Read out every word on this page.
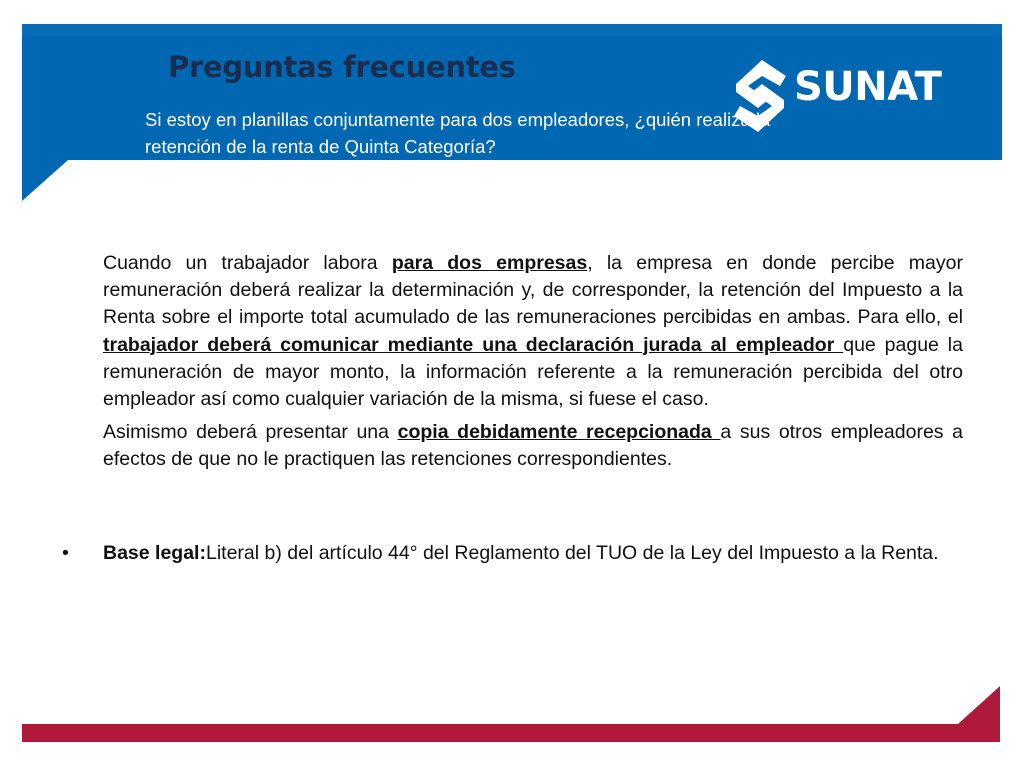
Preguntas frecuentes	SUNAT
Si estoy en planillas conjuntamente para dos empleadores, ¿quién realiza la retención de la renta de Quinta Categoría?

Cuando un trabajador labora para dos empresas, la empresa en donde percibe mayor remuneración deberá realizar la determinación y, de corresponder, la retención del Impuesto a la Renta sobre el importe total acumulado de las remuneraciones percibidas en ambas. Para ello, el trabajador deberá comunicar mediante una declaración jurada al empleador que pague la remuneración de mayor monto, la información referente a la remuneración percibida del otro empleador así como cualquier variación de la misma, si fuese el caso.

Asimismo deberá presentar una copia debidamente recepcionada a sus otros empleadores a efectos de que no le practiquen las retenciones correspondientes.

• Base legal:Literal b) del artículo 44° del Reglamento del TUO de la Ley del Impuesto a la Renta.
